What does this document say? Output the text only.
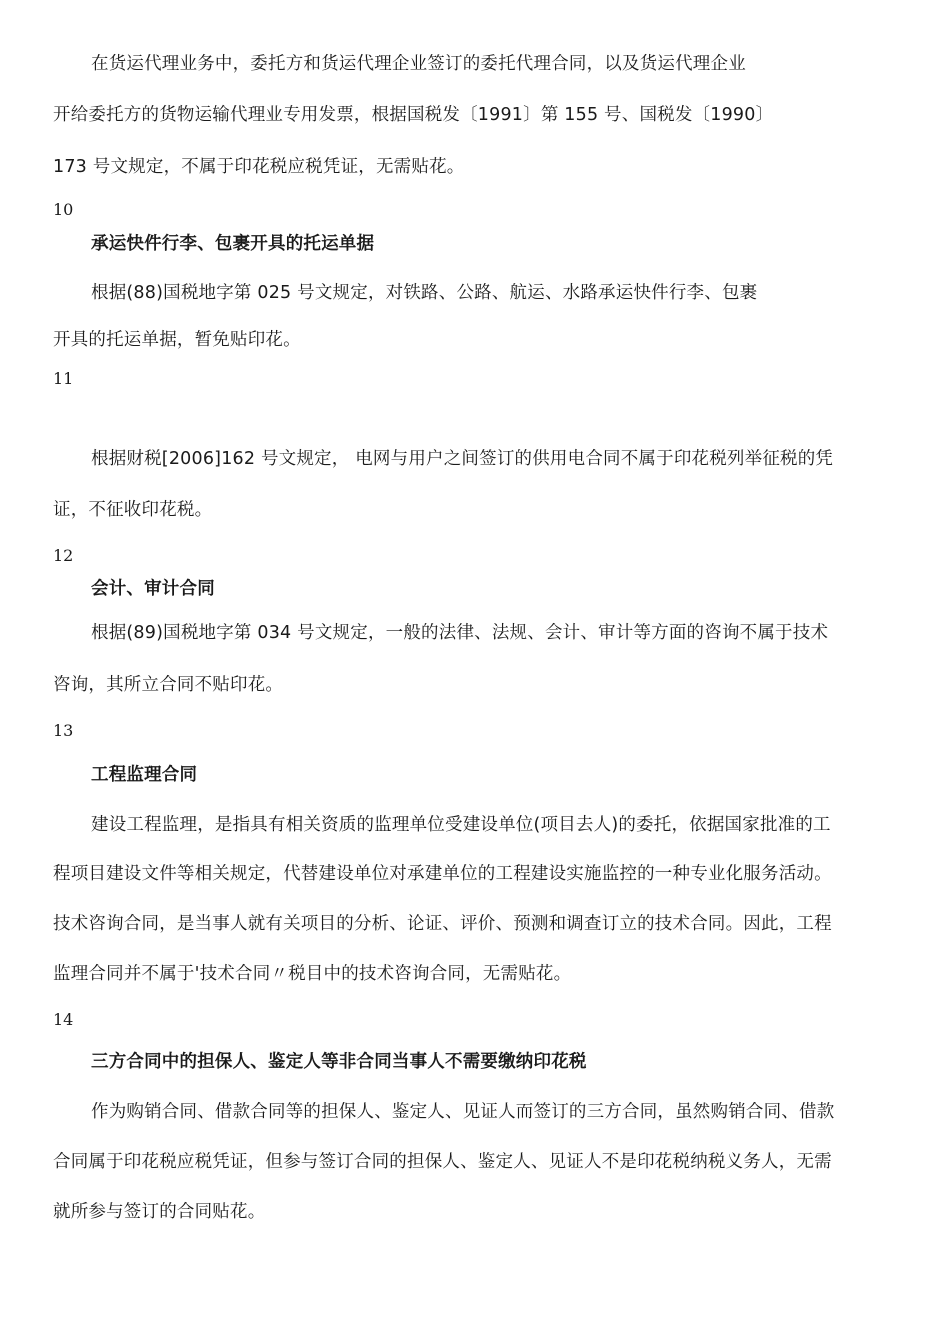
在货运代理业务中，委托方和货运代理企业签订的委托代理合同，以及货运代理企业
开给委托方的货物运输代理业专用发票，根据国税发〔1991〕第 155 号、国税发〔1990〕
173 号文规定，不属于印花税应税凭证，无需贴花。
10
承运快件行李、包裹开具的托运单据
根据(88)国税地字第 025 号文规定，对铁路、公路、航运、水路承运快件行李、包裹
开具的托运单据，暂免贴印花。
11
根据财税[2006]162 号文规定， 电网与用户之间签订的供用电合同不属于印花税列举征税的凭
证，不征收印花税。
12
会计、审计合同
根据(89)国税地字第 034 号文规定，一般的法律、法规、会计、审计等方面的咨询不属于技术
咨询，其所立合同不贴印花。
13
工程监理合同
建设工程监理，是指具有相关资质的监理单位受建设单位(项目去人)的委托，依据国家批准的工
程项目建设文件等相关规定，代替建设单位对承建单位的工程建设实施监控的一种专业化服务活动。
技术咨询合同，是当事人就有关项目的分析、论证、评价、预测和调查订立的技术合同。因此，工程
监理合同并不属于'技术合同〃税目中的技术咨询合同，无需贴花。
14
三方合同中的担保人、鉴定人等非合同当事人不需要缴纳印花税
作为购销合同、借款合同等的担保人、鉴定人、见证人而签订的三方合同，虽然购销合同、借款
合同属于印花税应税凭证，但参与签订合同的担保人、鉴定人、见证人不是印花税纳税义务人，无需
就所参与签订的合同贴花。
